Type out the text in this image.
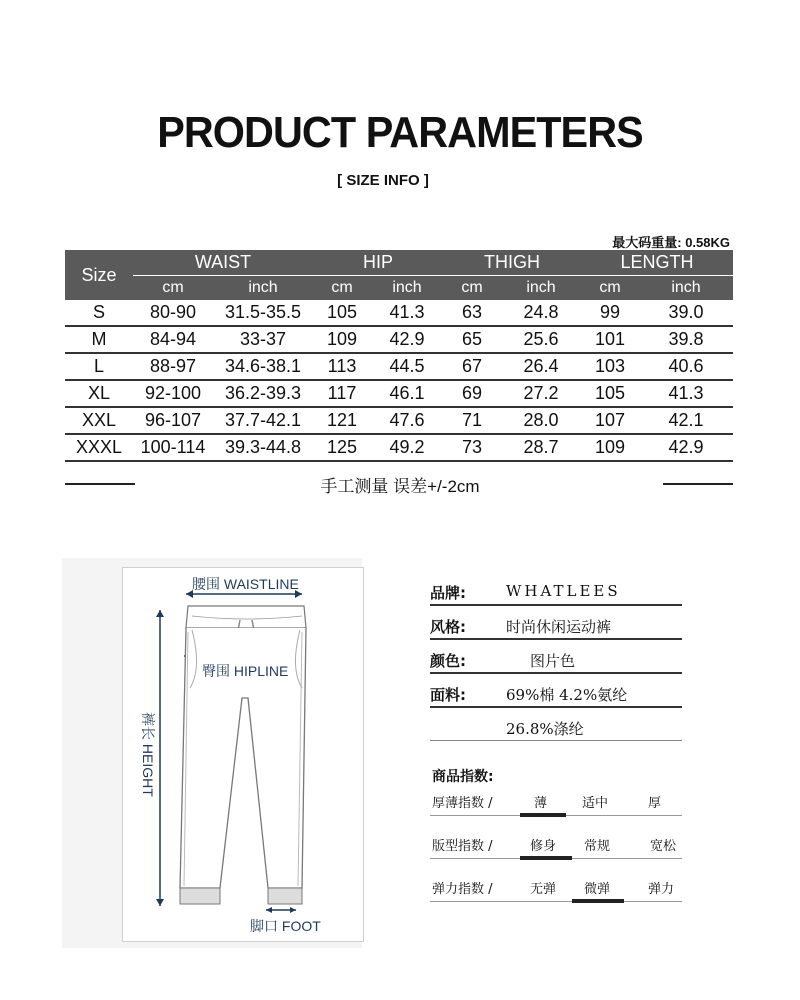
PRODUCT PARAMETERS
[ SIZE INFO ]
最大码重量: 0.58KG
Size	WAIST		HIP		THIGH		LENGTH	
	cm	inch	cm	inch	cm	inch	cm	inch
S	80-90	31.5-35.5	105	41.3	63	24.8	99	39.0
M	84-94	33-37	109	42.9	65	25.6	101	39.8
L	88-97	34.6-38.1	113	44.5	67	26.4	103	40.6
XL	92-100	36.2-39.3	117	46.1	69	27.2	105	41.3
XXL	96-107	37.7-42.1	121	47.6	71	28.0	107	42.1
XXXL	100-114	39.3-44.8	125	49.2	73	28.7	109	42.9
手工测量 误差+/-2cm
腰围 WAISTLINE
臀围 HIPLINE
裤长 HEIGHT
脚口 FOOT
品牌:	WHATLEES
风格:	时尚休闲运动裤
颜色:	图片色
面料:	69%棉 4.2%氨纶
26.8%涤纶
商品指数:
厚薄指数 /	薄	适中	厚
版型指数 /	修身 常规	宽松
弹力指数 /	无弹 微弹	弹力
